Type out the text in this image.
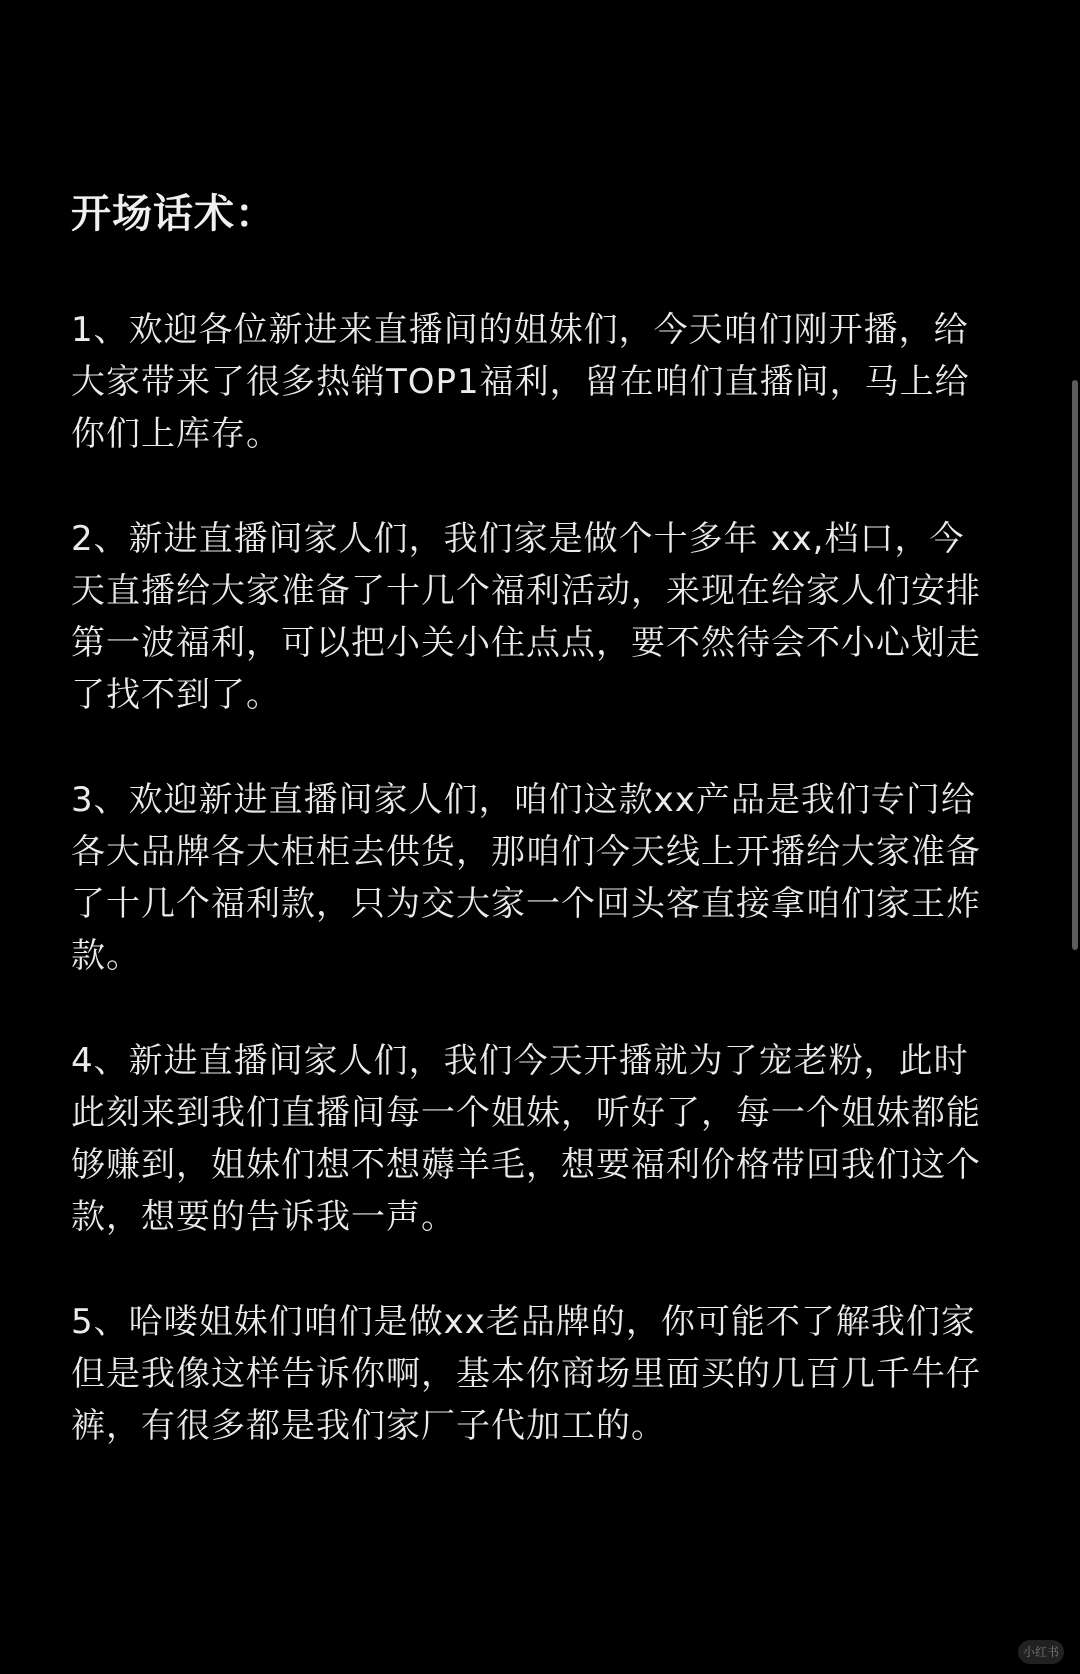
开场话术：

1、欢迎各位新进来直播间的姐妹们，今天咱们刚开播，给
大家带来了很多热销TOP1福利，留在咱们直播间，马上给
你们上库存。

2、新进直播间家人们，我们家是做个十多年 xx,档口，今
天直播给大家准备了十几个福利活动，来现在给家人们安排
第一波福利，可以把小关小住点点，要不然待会不小心划走
了找不到了。

3、欢迎新进直播间家人们，咱们这款xx产品是我们专门给
各大品牌各大柜柜去供货，那咱们今天线上开播给大家准备
了十几个福利款，只为交大家一个回头客直接拿咱们家王炸
款。

4、新进直播间家人们，我们今天开播就为了宠老粉，此时
此刻来到我们直播间每一个姐妹，听好了，每一个姐妹都能
够赚到，姐妹们想不想薅羊毛，想要福利价格带回我们这个
款，想要的告诉我一声。

5、哈喽姐妹们咱们是做xx老品牌的，你可能不了解我们家
但是我像这样告诉你啊，基本你商场里面买的几百几千牛仔
裤，有很多都是我们家厂子代加工的。

小红书
